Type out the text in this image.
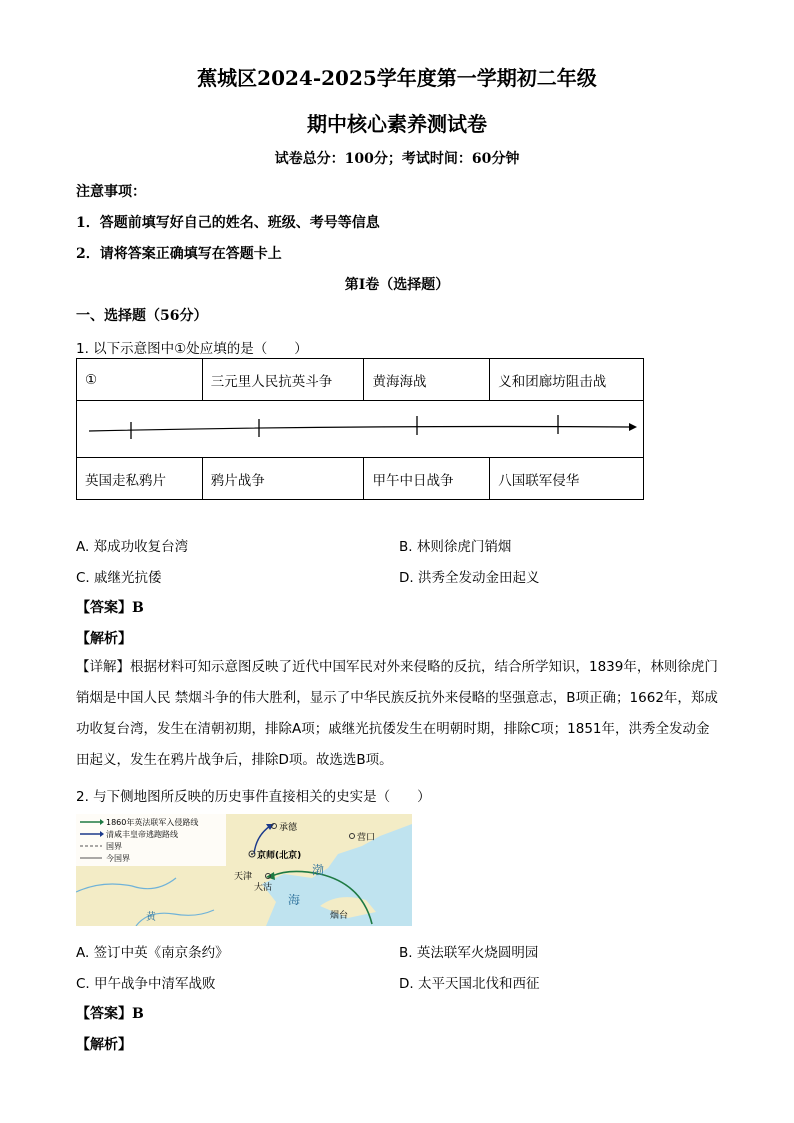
蕉城区2024-2025学年度第一学期初二年级
期中核心素养测试卷
试卷总分：100分；考试时间：60分钟
注意事项：
1．答题前填写好自己的姓名、班级、考号等信息
2．请将答案正确填写在答题卡上
第I卷（选择题）
一、选择题（56分）
1. 以下示意图中①处应填的是（　　）
①	三元里人民抗英斗争	黄海海战	义和团廊坊阻击战

英国走私鸦片	鸦片战争	甲午中日战争	八国联军侵华
A. 郑成功收复台湾	B. 林则徐虎门销烟
C. 戚继光抗倭	D. 洪秀全发动金田起义
【答案】B
【解析】
【详解】根据材料可知示意图反映了近代中国军民对外来侵略的反抗，结合所学知识，1839年，林则徐虎门销烟是中国人民 禁烟斗争的伟大胜利，显示了中华民族反抗外来侵略的坚强意志，B项正确；1662年，郑成功收复台湾，发生在清朝初期，排除A项；戚继光抗倭发生在明朝时期，排除C项；1851年，洪秀全发动金田起义，发生在鸦片战争后，排除D项。故选选B项。
2. 与下侧地图所反映的历史事件直接相关的史实是（　　）
1860年英法联军入侵路线
清咸丰皇帝逃跑路线
国界
今国界
承德
营口
京师(北京)
天津
大沽
烟台
渤
海
黄
A. 签订中英《南京条约》	B. 英法联军火烧圆明园
C. 甲午战争中清军战败	D. 太平天国北伐和西征
【答案】B
【解析】
